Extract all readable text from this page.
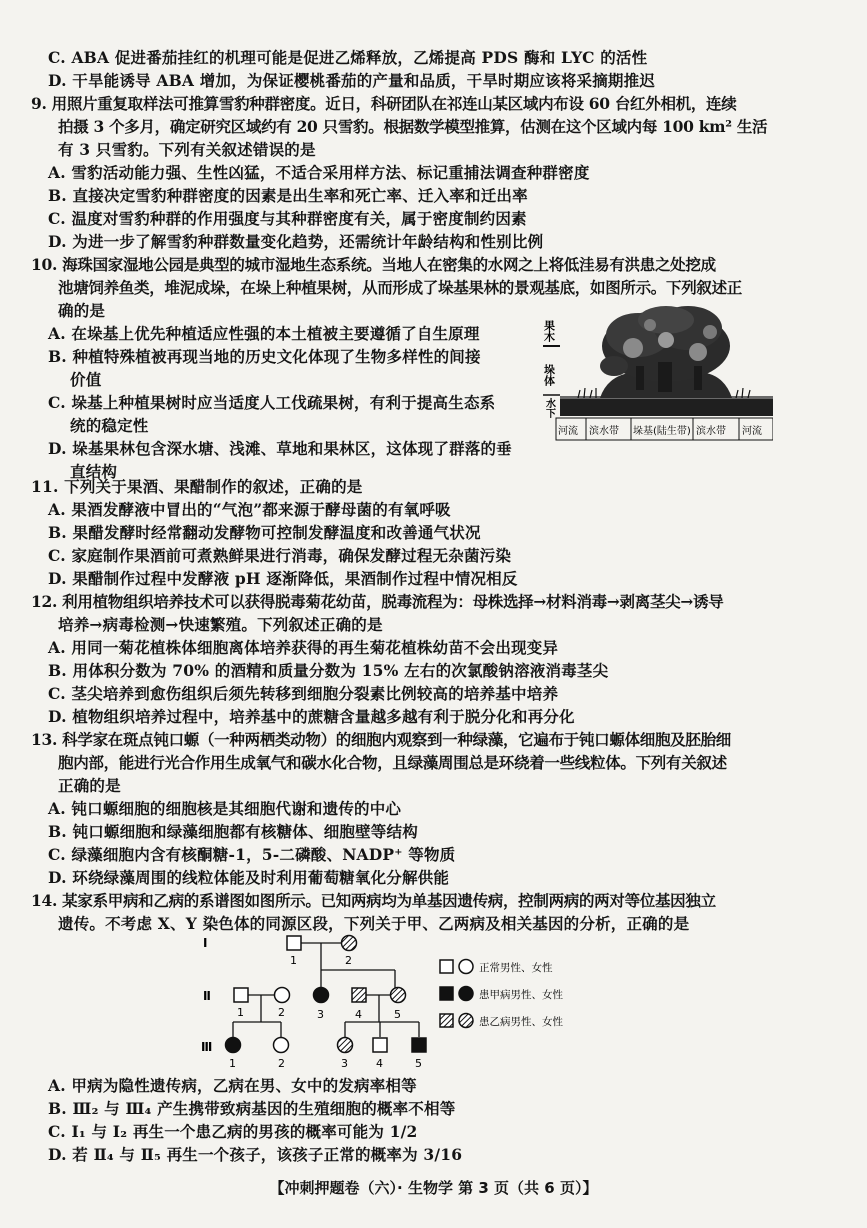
C. ABA 促进番茄挂红的机理可能是促进乙烯释放，乙烯提高 PDS 酶和 LYC 的活性
D. 干旱能诱导 ABA 增加，为保证樱桃番茄的产量和品质，干旱时期应该将采摘期推迟
9. 用照片重复取样法可推算雪豹种群密度。近日，科研团队在祁连山某区域内布设 60 台红外相机，连续
拍摄 3 个多月，确定研究区域约有 20 只雪豹。根据数学模型推算，估测在这个区域内每 100 km² 生活
有 3 只雪豹。下列有关叙述错误的是
A. 雪豹活动能力强、生性凶猛，不适合采用样方法、标记重捕法调查种群密度
B. 直接决定雪豹种群密度的因素是出生率和死亡率、迁入率和迁出率
C. 温度对雪豹种群的作用强度与其种群密度有关，属于密度制约因素
D. 为进一步了解雪豹种群数量变化趋势，还需统计年龄结构和性别比例
10. 海珠国家湿地公园是典型的城市湿地生态系统。当地人在密集的水网之上将低洼易有洪患之处挖成
池塘饲养鱼类，堆泥成垛，在垛上种植果树，从而形成了垛基果林的景观基底，如图所示。下列叙述正
确的是
A. 在垛基上优先种植适应性强的本土植被主要遵循了自生原理
B. 种植特殊植被再现当地的历史文化体现了生物多样性的间接
价值
C. 垛基上种植果树时应当适度人工伐疏果树，有利于提高生态系
统的稳定性
D. 垛基果林包含深水塘、浅滩、草地和果林区，这体现了群落的垂
直结构
果木
垛体
水下
河流 滨水带 垛基(陆生带) 滨水带 河流
11. 下列关于果酒、果醋制作的叙述，正确的是
A. 果酒发酵液中冒出的“气泡”都来源于酵母菌的有氧呼吸
B. 果醋发酵时经常翻动发酵物可控制发酵温度和改善通气状况
C. 家庭制作果酒前可煮熟鲜果进行消毒，确保发酵过程无杂菌污染
D. 果醋制作过程中发酵液 pH 逐渐降低，果酒制作过程中情况相反
12. 利用植物组织培养技术可以获得脱毒菊花幼苗，脱毒流程为：母株选择→材料消毒→剥离茎尖→诱导
培养→病毒检测→快速繁殖。下列叙述正确的是
A. 用同一菊花植株体细胞离体培养获得的再生菊花植株幼苗不会出现变异
B. 用体积分数为 70% 的酒精和质量分数为 15% 左右的次氯酸钠溶液消毒茎尖
C. 茎尖培养到愈伤组织后须先转移到细胞分裂素比例较高的培养基中培养
D. 植物组织培养过程中，培养基中的蔗糖含量越多越有利于脱分化和再分化
13. 科学家在斑点钝口螈（一种两栖类动物）的细胞内观察到一种绿藻，它遍布于钝口螈体细胞及胚胎细
胞内部，能进行光合作用生成氧气和碳水化合物，且绿藻周围总是环绕着一些线粒体。下列有关叙述
正确的是
A. 钝口螈细胞的细胞核是其细胞代谢和遗传的中心
B. 钝口螈细胞和绿藻细胞都有核糖体、细胞壁等结构
C. 绿藻细胞内含有核酮糖-1，5-二磷酸、NADP⁺ 等物质
D. 环绕绿藻周围的线粒体能及时利用葡萄糖氧化分解供能
14. 某家系甲病和乙病的系谱图如图所示。已知两病均为单基因遗传病，控制两病的两对等位基因独立
遗传。不考虑 X、Y 染色体的同源区段，下列关于甲、乙两病及相关基因的分析，正确的是
Ⅰ
Ⅱ
Ⅲ
1	2
1	2	3	4	5
1	2	3	4	5
正常男性、女性
患甲病男性、女性
患乙病男性、女性
A. 甲病为隐性遗传病，乙病在男、女中的发病率相等
B. Ⅲ₂ 与 Ⅲ₄ 产生携带致病基因的生殖细胞的概率不相等
C. Ⅰ₁ 与 Ⅰ₂ 再生一个患乙病的男孩的概率可能为 1/2
D. 若 Ⅱ₄ 与 Ⅱ₅ 再生一个孩子，该孩子正常的概率为 3/16
【冲刺押题卷（六）· 生物学 第 3 页（共 6 页）】
